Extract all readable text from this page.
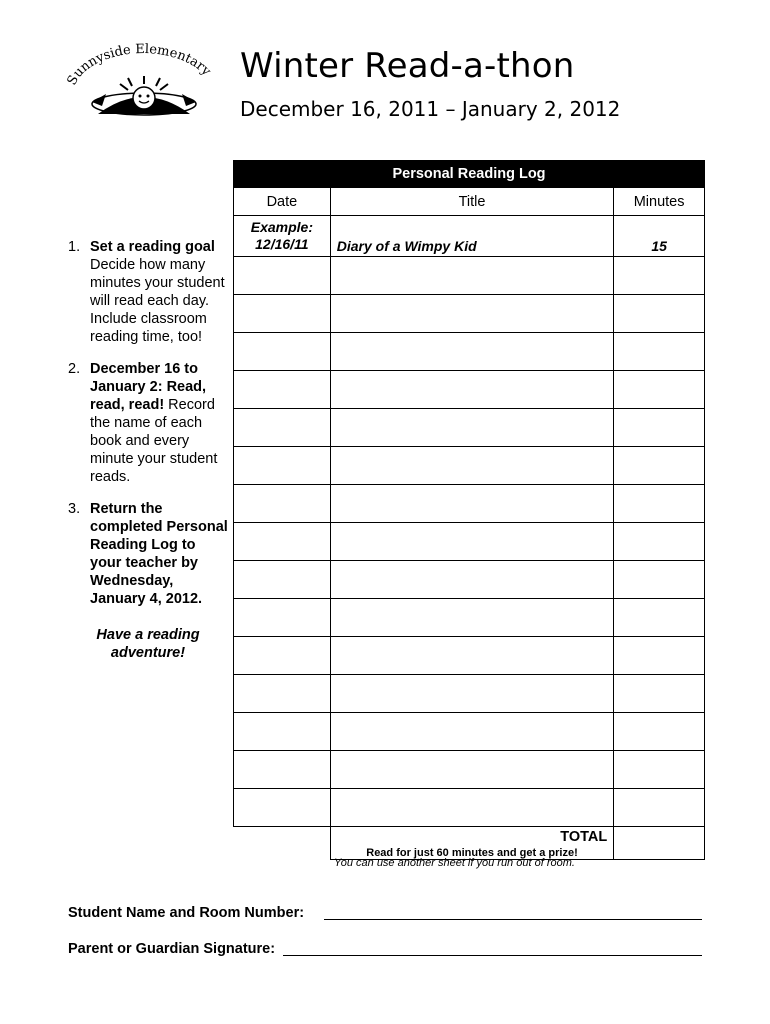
Sunnyside Elementary Winter Read-a-thon
December 16, 2011 – January 2, 2012
1. Set a reading goal Decide how many minutes your student will read each day. Include classroom reading time, too!
2. December 16 to January 2: Read, read, read! Record the name of each book and every minute your student reads.
3. Return the completed Personal Reading Log to your teacher by Wednesday, January 4, 2012.
Have a reading adventure!
Personal Reading Log		
Date	Title	Minutes

Example:
12/16/11	Diary of a Wimpy Kid	15

	TOTAL
Read for just 60 minutes and get a prize!	

You can use another sheet if you run out of room.
Student Name and Room Number:
Parent or Guardian Signature:
